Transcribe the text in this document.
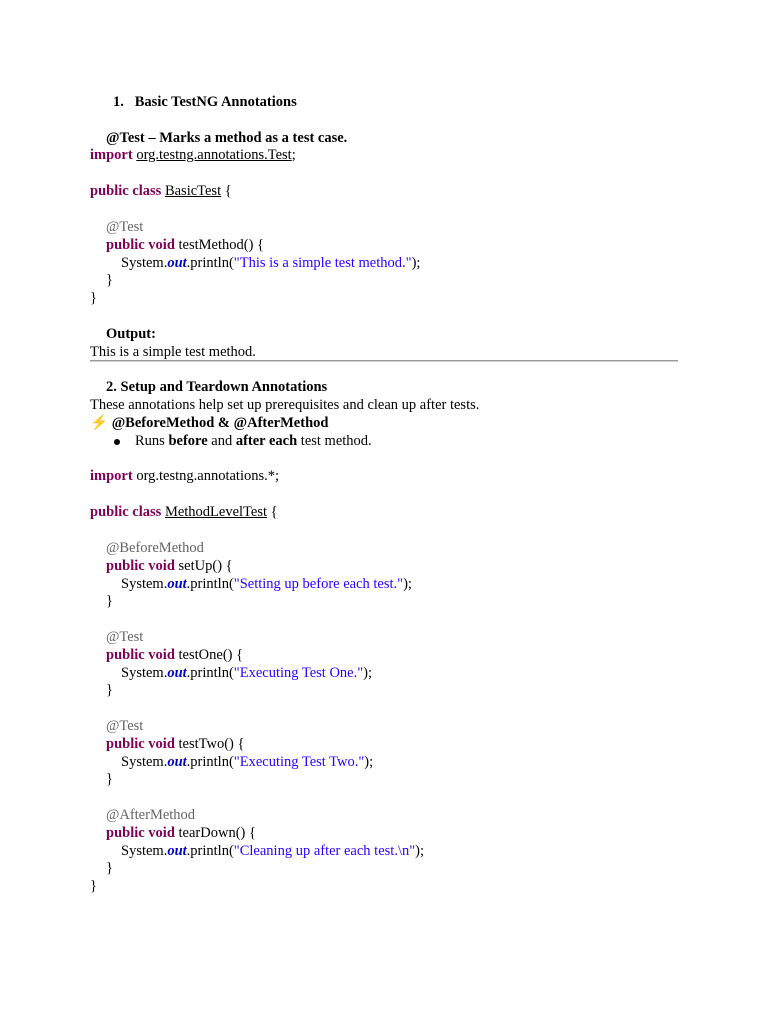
1. Basic TestNG Annotations
@Test – Marks a method as a test case.
import org.testng.annotations.Test;
public class BasicTest {
@Test
public void testMethod() {
System.out.println("This is a simple test method.");
}
}
Output:
This is a simple test method.
2. Setup and Teardown Annotations
These annotations help set up prerequisites and clean up after tests.
⚡ @BeforeMethod & @AfterMethod
Runs before and after each test method.
import org.testng.annotations.*;
public class MethodLevelTest {
@BeforeMethod
public void setUp() {
System.out.println("Setting up before each test.");
}
@Test
public void testOne() {
System.out.println("Executing Test One.");
}
@Test
public void testTwo() {
System.out.println("Executing Test Two.");
}
@AfterMethod
public void tearDown() {
System.out.println("Cleaning up after each test.\n");
}
}
